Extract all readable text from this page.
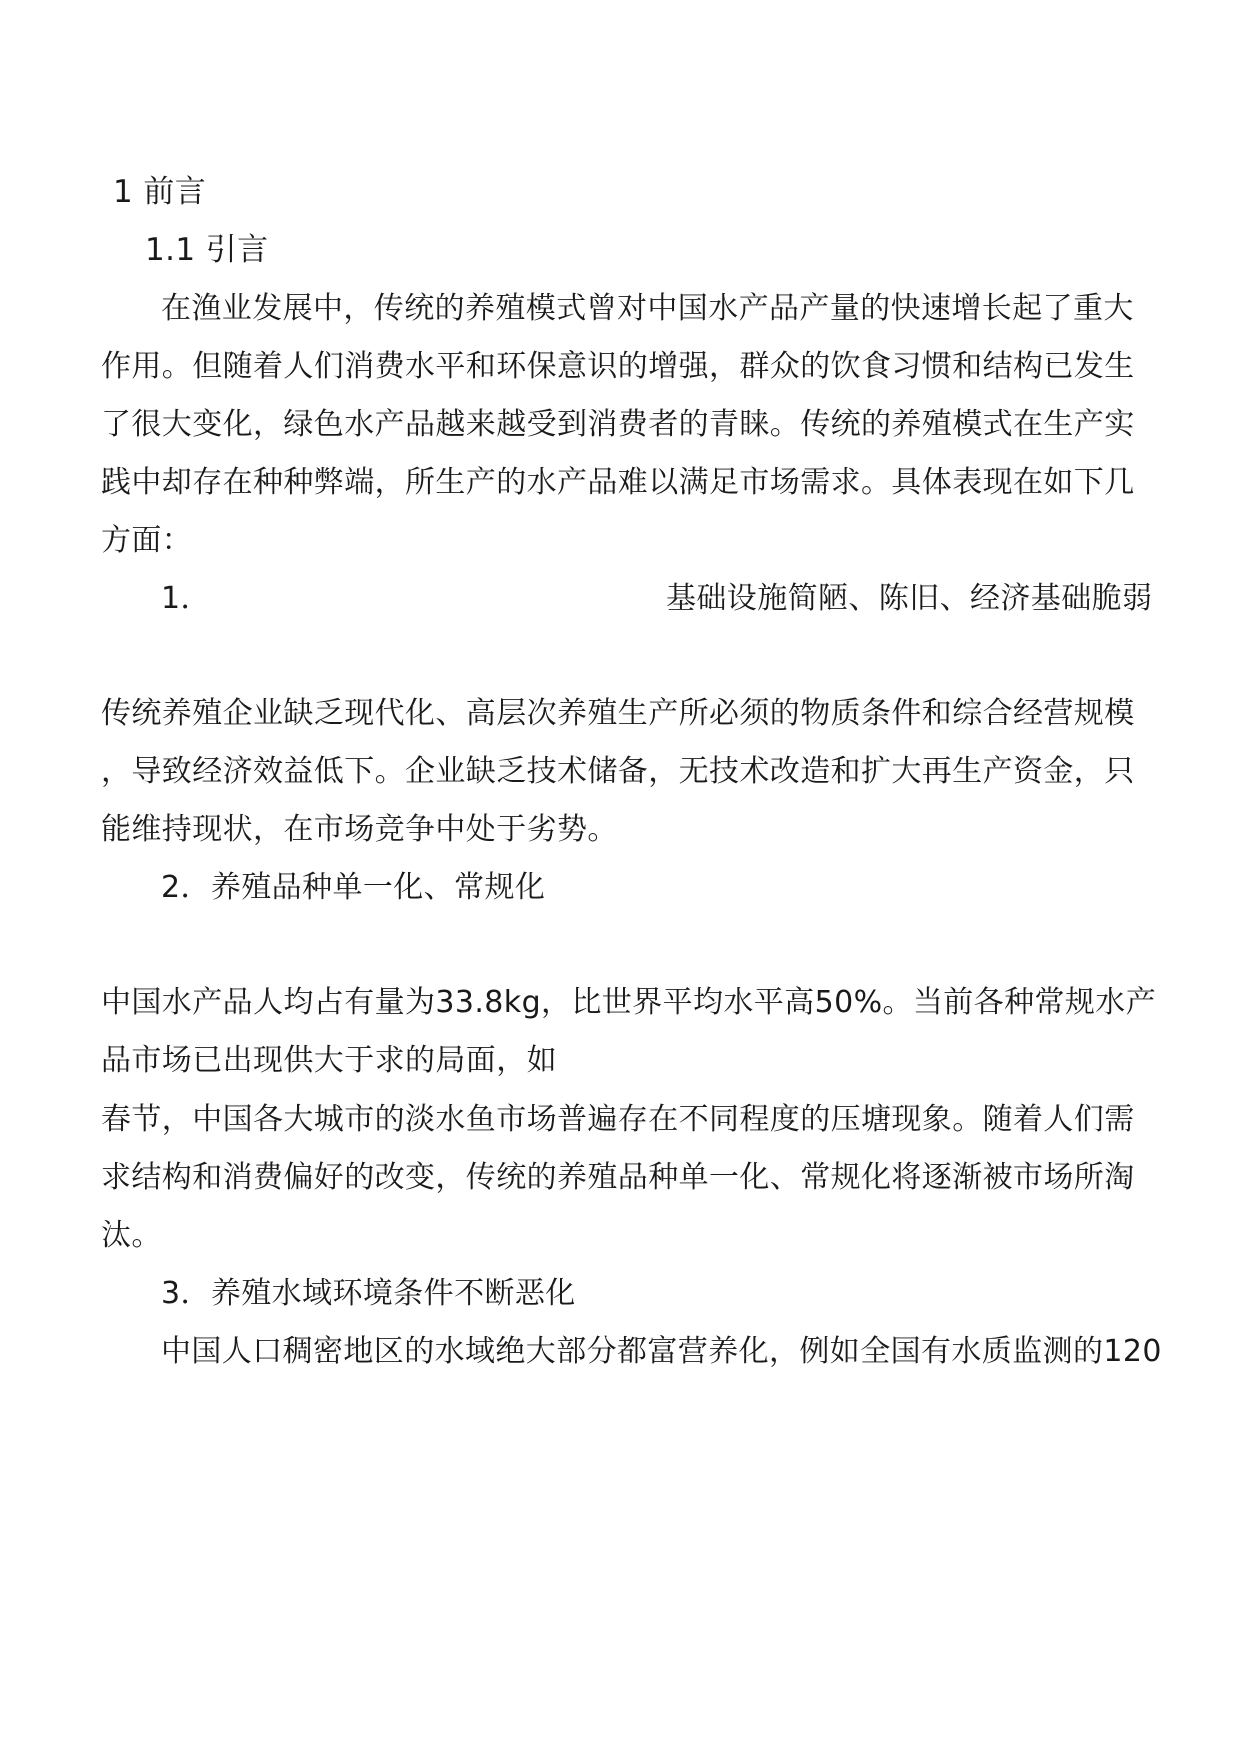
1 前言
1.1 引言
在渔业发展中，传统的养殖模式曾对中国水产品产量的快速增长起了重大
作用。但随着人们消费水平和环保意识的增强，群众的饮食习惯和结构已发生
了很大变化，绿色水产品越来越受到消费者的青睐。传统的养殖模式在生产实
践中却存在种种弊端，所生产的水产品难以满足市场需求。具体表现在如下几
方面：
1．	基础设施简陋、陈旧、经济基础脆弱
传统养殖企业缺乏现代化、高层次养殖生产所必须的物质条件和综合经营规模
，导致经济效益低下。企业缺乏技术储备，无技术改造和扩大再生产资金，只
能维持现状，在市场竞争中处于劣势。
2．养殖品种单一化、常规化
中国水产品人均占有量为33.8kg，比世界平均水平高50%。当前各种常规水产
品市场已出现供大于求的局面，如
春节，中国各大城市的淡水鱼市场普遍存在不同程度的压塘现象。随着人们需
求结构和消费偏好的改变，传统的养殖品种单一化、常规化将逐渐被市场所淘
汰。
3．养殖水域环境条件不断恶化
中国人口稠密地区的水域绝大部分都富营养化，例如全国有水质监测的120
